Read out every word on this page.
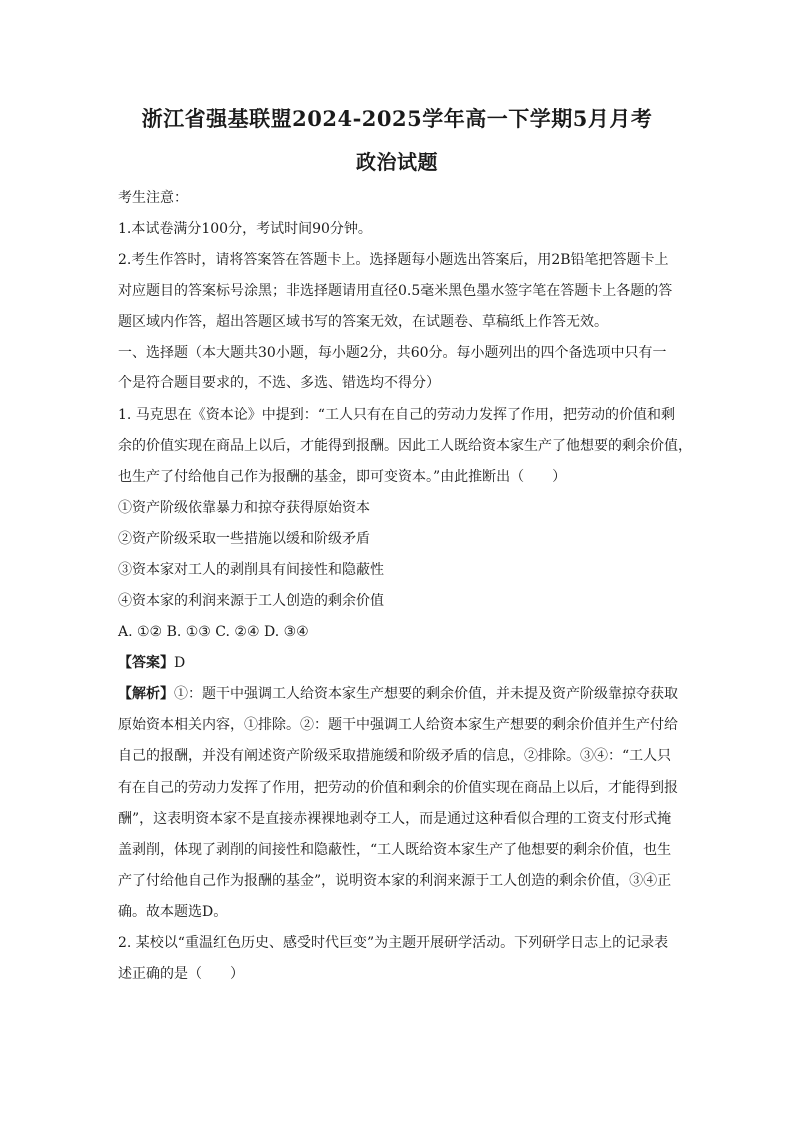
浙江省强基联盟2024-2025学年高一下学期5月月考
政治试题
考生注意：
1.本试卷满分100分，考试时间90分钟。
2.考生作答时，请将答案答在答题卡上。选择题每小题选出答案后，用2B铅笔把答题卡上
对应题目的答案标号涂黑；非选择题请用直径0.5毫米黑色墨水签字笔在答题卡上各题的答
题区域内作答，超出答题区域书写的答案无效，在试题卷、草稿纸上作答无效。
一、选择题（本大题共30小题，每小题2分，共60分。每小题列出的四个备选项中只有一
个是符合题目要求的，不选、多选、错选均不得分）
1. 马克思在《资本论》中提到：“工人只有在自己的劳动力发挥了作用，把劳动的价值和剩
余的价值实现在商品上以后，才能得到报酬。因此工人既给资本家生产了他想要的剩余价值，
也生产了付给他自己作为报酬的基金，即可变资本。”由此推断出（　　）
①资产阶级依靠暴力和掠夺获得原始资本
②资产阶级采取一些措施以缓和阶级矛盾
③资本家对工人的剥削具有间接性和隐蔽性
④资本家的利润来源于工人创造的剩余价值
A. ①② B. ①③ C. ②④ D. ③④
【答案】D
【解析】①：题干中强调工人给资本家生产想要的剩余价值，并未提及资产阶级靠掠夺获取
原始资本相关内容，①排除。②：题干中强调工人给资本家生产想要的剩余价值并生产付给
自己的报酬，并没有阐述资产阶级采取措施缓和阶级矛盾的信息，②排除。③④：“工人只
有在自己的劳动力发挥了作用，把劳动的价值和剩余的价值实现在商品上以后，才能得到报
酬”，这表明资本家不是直接赤裸裸地剥夺工人，而是通过这种看似合理的工资支付形式掩
盖剥削，体现了剥削的间接性和隐蔽性，“工人既给资本家生产了他想要的剩余价值，也生
产了付给他自己作为报酬的基金”，说明资本家的利润来源于工人创造的剩余价值，③④正
确。故本题选D。
2. 某校以“重温红色历史、感受时代巨变”为主题开展研学活动。下列研学日志上的记录表
述正确的是（　　）
